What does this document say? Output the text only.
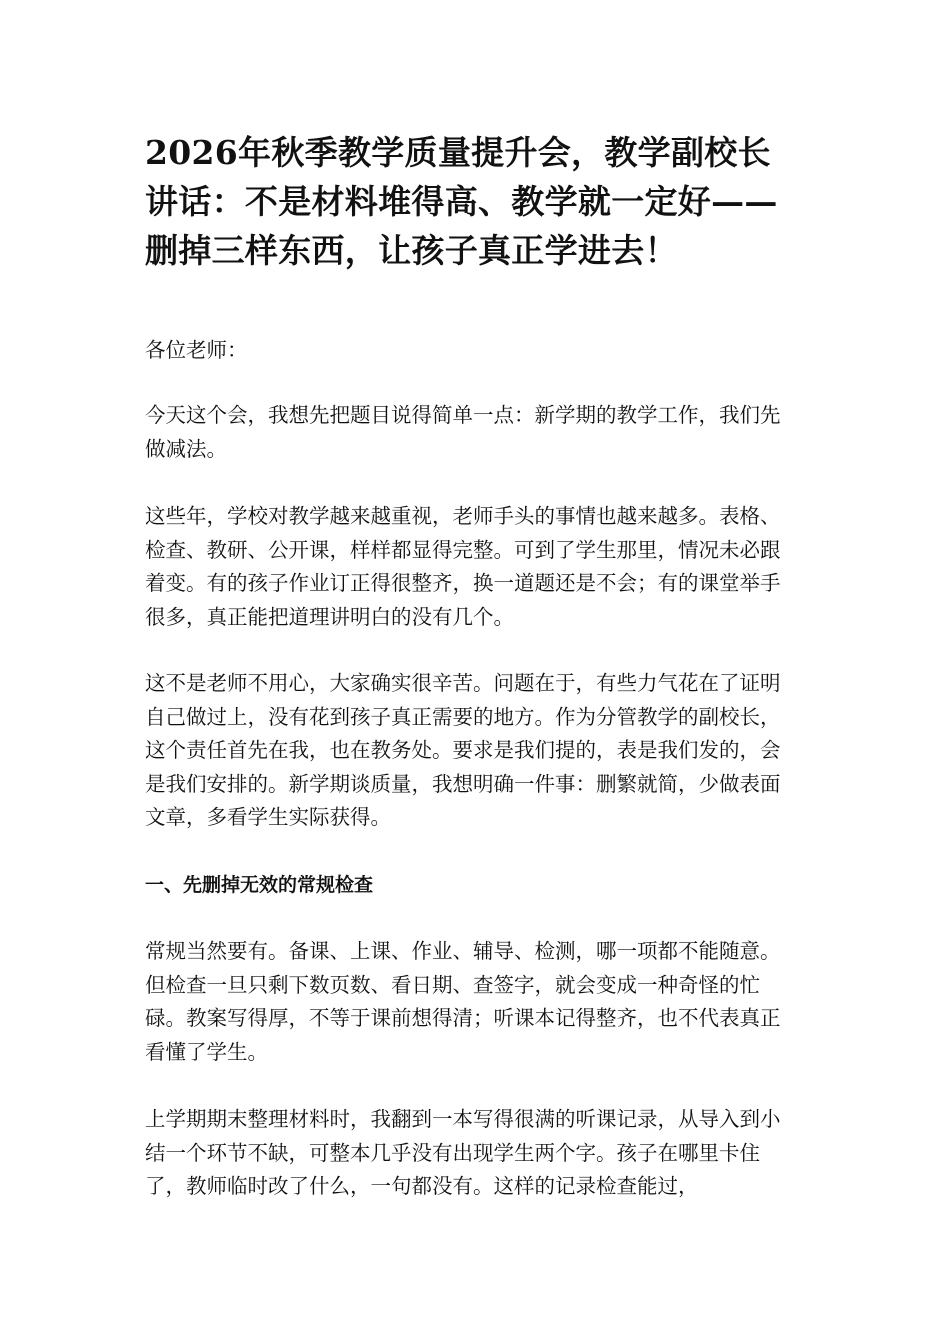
2026年秋季教学质量提升会，教学副校长讲话：不是材料堆得高、教学就一定好——删掉三样东西，让孩子真正学进去！

各位老师：

今天这个会，我想先把题目说得简单一点：新学期的教学工作，我们先做减法。

这些年，学校对教学越来越重视，老师手头的事情也越来越多。表格、检查、教研、公开课，样样都显得完整。可到了学生那里，情况未必跟着变。有的孩子作业订正得很整齐，换一道题还是不会；有的课堂举手很多，真正能把道理讲明白的没有几个。

这不是老师不用心，大家确实很辛苦。问题在于，有些力气花在了证明自己做过上，没有花到孩子真正需要的地方。作为分管教学的副校长，这个责任首先在我，也在教务处。要求是我们提的，表是我们发的，会是我们安排的。新学期谈质量，我想明确一件事：删繁就简，少做表面文章，多看学生实际获得。

一、先删掉无效的常规检查

常规当然要有。备课、上课、作业、辅导、检测，哪一项都不能随意。但检查一旦只剩下数页数、看日期、查签字，就会变成一种奇怪的忙碌。教案写得厚，不等于课前想得清；听课本记得整齐，也不代表真正看懂了学生。

上学期期末整理材料时，我翻到一本写得很满的听课记录，从导入到小结一个环节不缺，可整本几乎没有出现学生两个字。孩子在哪里卡住了，教师临时改了什么，一句都没有。这样的记录检查能过，
